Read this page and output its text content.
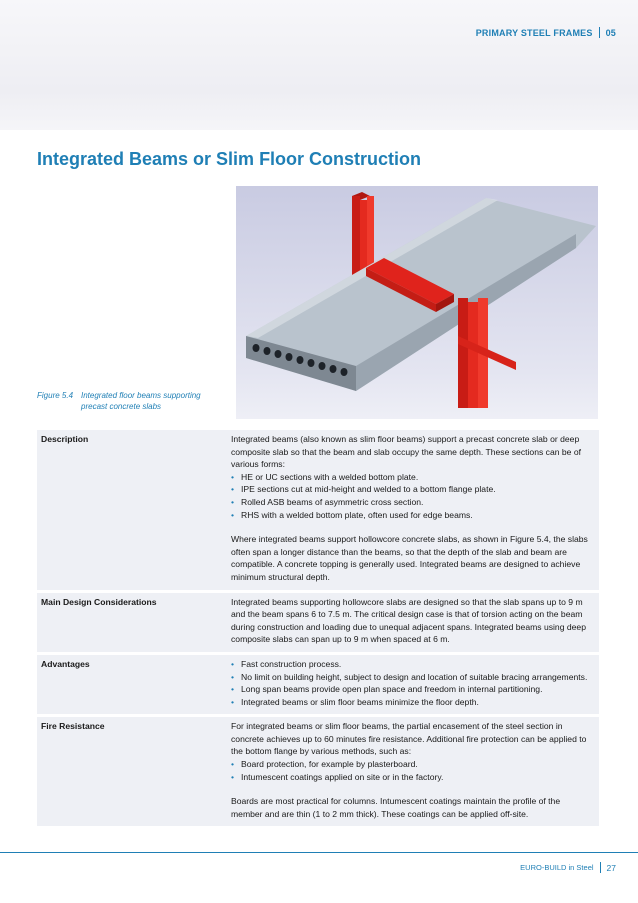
PRIMARY STEEL FRAMES 05
Integrated Beams or Slim Floor Construction
Figure 5.4 Integrated floor beams supporting precast concrete slabs
Description	Integrated beams (also known as slim floor beams) support a precast concrete slab or deep composite slab so that the beam and slab occupy the same depth. These sections can be of various forms:

• HE or UC sections with a welded bottom plate.
• IPE sections cut at mid-height and welded to a bottom flange plate.
• Rolled ASB beams of asymmetric cross section.
• RHS with a welded bottom plate, often used for edge beams.

Where integrated beams support hollowcore concrete slabs, as shown in Figure 5.4, the slabs often span a longer distance than the beams, so that the depth of the slab and beam are compatible. A concrete topping is generally used. Integrated beams are designed to achieve minimum structural depth.

Main Design Considerations	Integrated beams supporting hollowcore slabs are designed so that the slab spans up to 9 m and the beam spans 6 to 7.5 m. The critical design case is that of torsion acting on the beam during construction and loading due to unequal adjacent spans. Integrated beams using deep composite slabs can span up to 9 m when spaced at 6 m.

Advantages
•	Fast construction process.
• No limit on building height, subject to design and location of suitable bracing arrangements.
• Long span beams provide open plan space and freedom in internal partitioning.
• Integrated beams or slim floor beams minimize the floor depth.
Fire Resistance	For integrated beams or slim floor beams, the partial encasement of the steel section in concrete achieves up to 60 minutes fire resistance. Additional fire protection can be applied to the bottom flange by various methods, such as:

• Board protection, for example by plasterboard.
• Intumescent coatings applied on site or in the factory.

Boards are most practical for columns. Intumescent coatings maintain the profile of the member and are thin (1 to 2 mm thick). These coatings can be applied off-site.

EURO-BUILD in Steel 27
